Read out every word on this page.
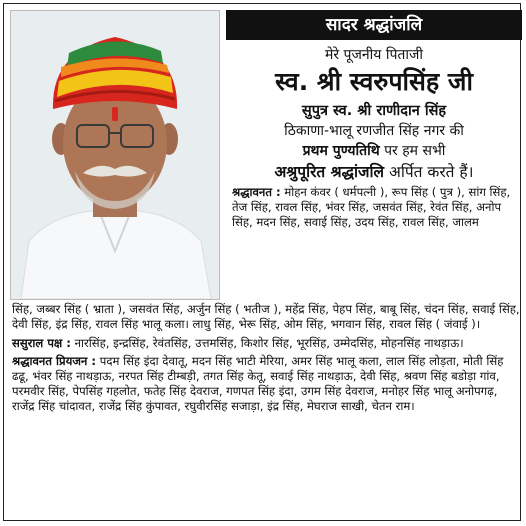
सादर श्रद्धांजलि
मेरे पूजनीय पिताजी
स्व. श्री स्वरुपसिंह जी
सुपुत्र स्व. श्री राणीदान सिंह
ठिकाणा-भालू रणजीत सिंह नगर की
प्रथम पुण्यतिथि पर हम सभी
अश्रुपूरित श्रद्धांजलि अर्पित करते हैं।

श्रद्धावनत : मोहन कंवर ( धर्मपत्नी ), रूप सिंह ( पुत्र ), सांग सिंह, तेज सिंह, रावल सिंह, भंवर सिंह, जसवंत सिंह, रेवंत सिंह, अनोप सिंह, मदन सिंह, सवाई सिंह, उदय सिंह, रावल सिंह, जालम

सिंह, जब्बर सिंह ( भ्राता ), जसवंत सिंह, अर्जुन सिंह ( भतीज ), महेंद्र सिंह, पेहप सिंह, बाबू सिंह, चंदन सिंह, सवाई सिंह, देवी सिंह, इंद्र सिंह, रावल सिंह भालू कला। लाधु सिंह, भेरू सिंह, ओम सिंह, भगवान सिंह, रावल सिंह ( जंवाई )।

ससुराल पक्ष : नारसिंह, इन्द्रसिंह, रेवंतसिंह, उत्तमसिंह, किशोर सिंह, भूरसिंह, उम्मेदसिंह, मोहनसिंह नाथड़ाऊ।

श्रद्धावनत प्रियजन : पदम सिंह इंदा देवातू, मदन सिंह भाटी मेरिया, अमर सिंह भालू कला, लाल सिंह लोड़ता, मोती सिंह ढढू, भंवर सिंह नाथड़ाऊ, नरपत सिंह टीम्बड़ी, तगत सिंह केतू, सवाई सिंह नाथड़ाऊ, देवी सिंह, श्रवण सिंह बडोड़ा गांव, परमवीर सिंह, पेपसिंह गहलोत, फतेह सिंह देवराज, गणपत सिंह इंदा, उगम सिंह देवराज, मनोहर सिंह भालू अनोपगढ़, राजेंद्र सिंह चांदावत, राजेंद्र सिंह कुंपावत, रघुवीरसिंह सजाड़ा, इंद्र सिंह, मेघराज साखी, चेतन राम।
